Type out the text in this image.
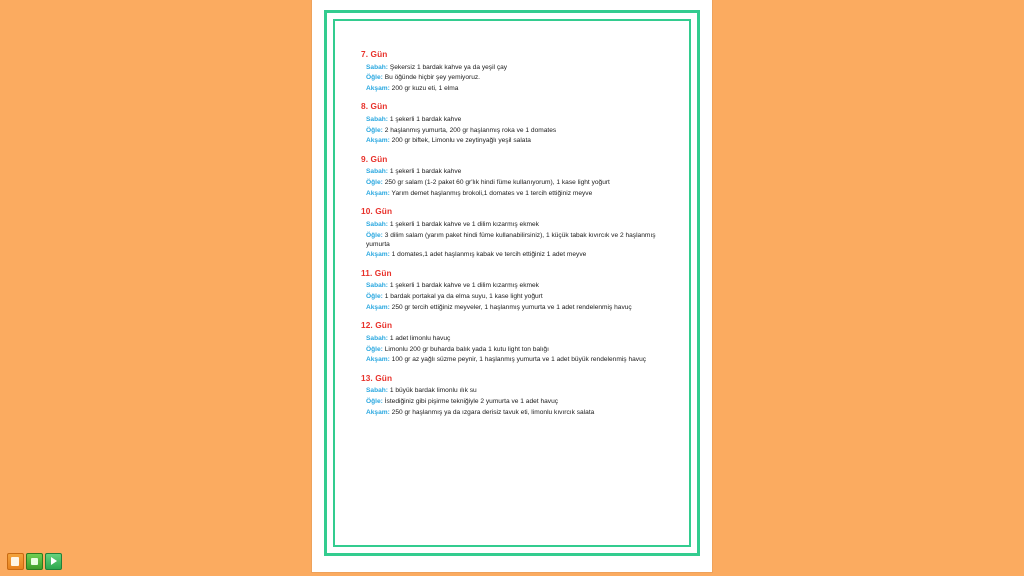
7. Gün
Sabah: Şekersiz 1 bardak kahve ya da yeşil çay
Öğle: Bu öğünde hiçbir şey yemiyoruz.
Akşam: 200 gr kuzu eti, 1 elma
8. Gün
Sabah: 1 şekerli 1 bardak kahve
Öğle: 2 haşlanmış yumurta, 200 gr haşlanmış roka ve 1 domates
Akşam: 200 gr biftek, Limonlu ve zeytinyağlı yeşil salata
9. Gün
Sabah: 1 şekerli 1 bardak kahve
Öğle: 250 gr salam (1-2 paket 60 gr'lık hindi füme kullanıyorum), 1 kase light yoğurt
Akşam: Yarım demet haşlanmış brokoli,1 domates ve 1 tercih ettiğiniz meyve
10. Gün
Sabah: 1 şekerli 1 bardak kahve ve 1 dilim kızarmış ekmek
Öğle: 3 dilim salam (yarım paket hindi füme kullanabilirsiniz), 1 küçük tabak kıvırcık ve 2 haşlanmış yumurta
Akşam: 1 domates,1 adet haşlanmış kabak ve tercih ettiğiniz 1 adet meyve
11. Gün
Sabah: 1 şekerli 1 bardak kahve ve 1 dilim kızarmış ekmek
Öğle: 1 bardak portakal ya da elma suyu, 1 kase light yoğurt
Akşam: 250 gr tercih ettiğiniz meyveler, 1 haşlanmış yumurta ve 1 adet rendelenmiş havuç
12. Gün
Sabah: 1 adet limonlu havuç
Öğle: Limonlu 200 gr buharda balık yada 1 kutu light ton balığı
Akşam: 100 gr az yağlı süzme peynir, 1 haşlanmış yumurta ve 1 adet büyük rendelenmiş havuç
13. Gün
Sabah: 1 büyük bardak limonlu ılık su
Öğle: İstediğiniz gibi pişirme tekniğiyle 2 yumurta ve 1 adet havuç
Akşam: 250 gr haşlanmış ya da ızgara derisiz tavuk eti, limonlu kıvırcık salata
